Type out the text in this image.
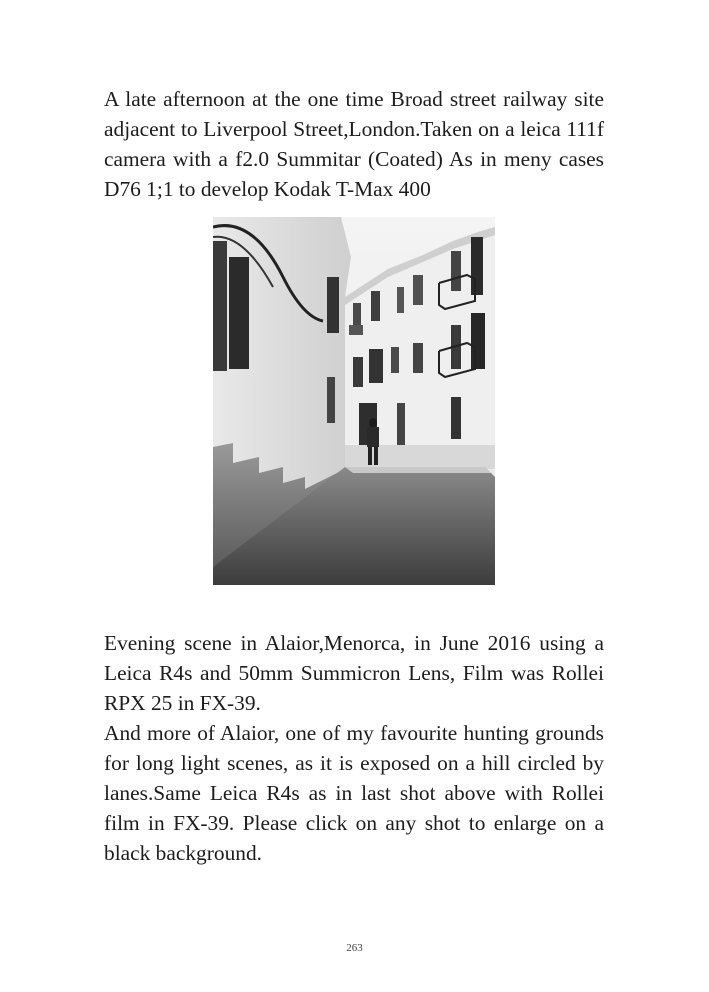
A late afternoon at the one time Broad street railway site adjacent to Liverpool Street,London.Taken on a leica 111f camera with a f2.0 Summitar (Coated) As in meny cases D76 1;1 to develop Kodak T-Max 400

Evening scene in Alaior,Menorca, in June 2016 using a Leica R4s and 50mm Summicron Lens, Film was Rollei RPX 25 in FX-39.

And more of Alaior, one of my favourite hunting grounds for long light scenes, as it is exposed on a hill circled by lanes.Same Leica R4s as in last shot above with Rollei film in FX-39. Please click on any shot to enlarge on a black background.

263
